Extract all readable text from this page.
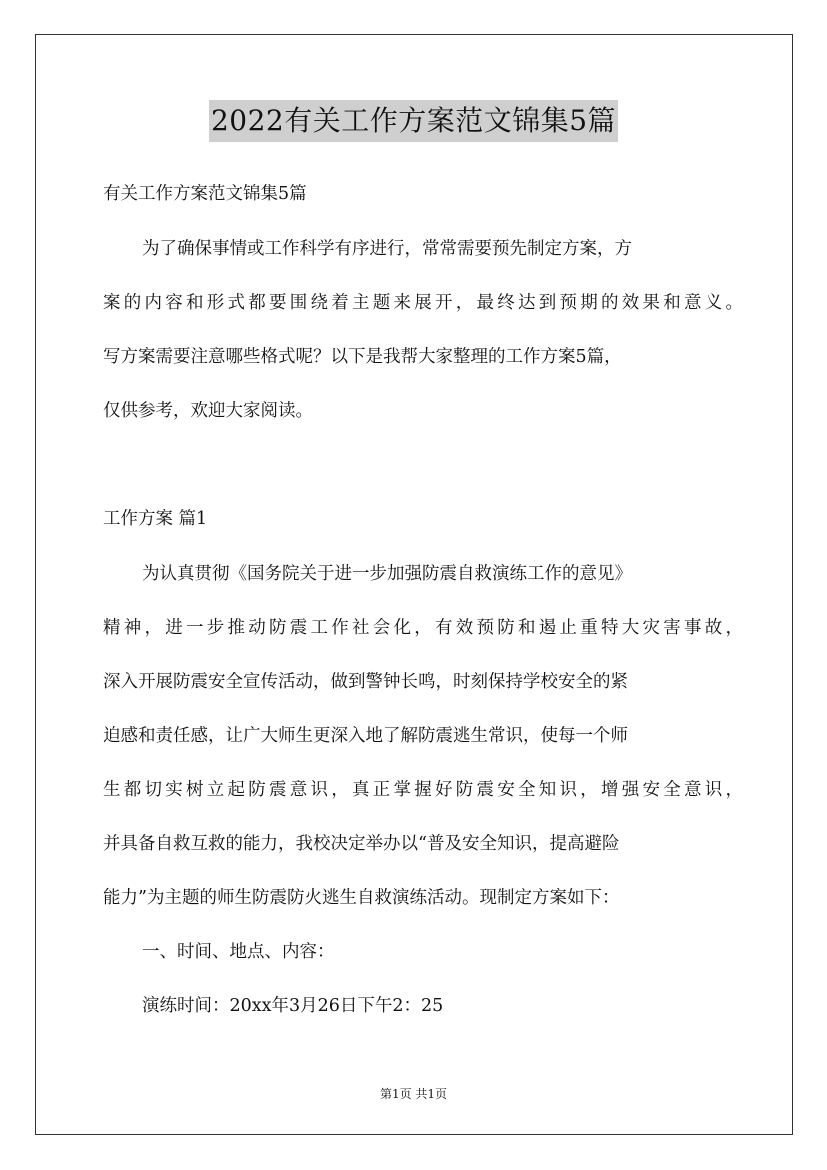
2022有关工作方案范文锦集5篇
有关工作方案范文锦集5篇
为了确保事情或工作科学有序进行，常常需要预先制定方案，方
案的内容和形式都要围绕着主题来展开，最终达到预期的效果和意义。
写方案需要注意哪些格式呢？以下是我帮大家整理的工作方案5篇，
仅供参考，欢迎大家阅读。
工作方案 篇1
为认真贯彻《国务院关于进一步加强防震自救演练工作的意见》
精神，进一步推动防震工作社会化，有效预防和遏止重特大灾害事故，
深入开展防震安全宣传活动，做到警钟长鸣，时刻保持学校安全的紧
迫感和责任感，让广大师生更深入地了解防震逃生常识，使每一个师
生都切实树立起防震意识，真正掌握好防震安全知识，增强安全意识，
并具备自救互救的能力，我校决定举办以“普及安全知识，提高避险
能力”为主题的师生防震防火逃生自救演练活动。现制定方案如下：
一、时间、地点、内容：
演练时间：20xx年3月26日下午2：25
第1页 共1页
